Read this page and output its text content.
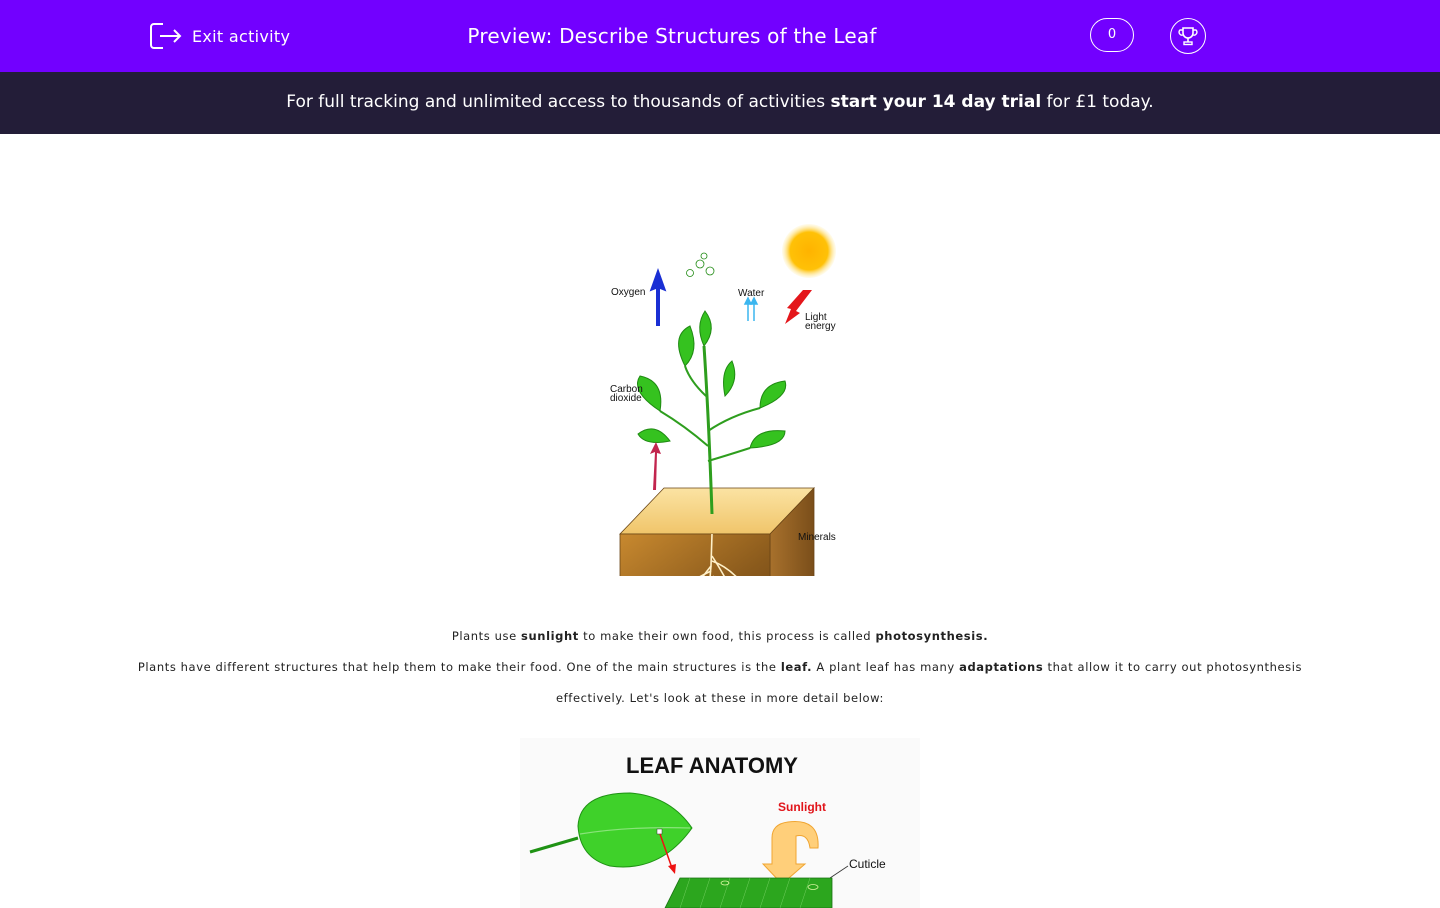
Exit activity	Preview: Describe Structures of the Leaf	0
For full tracking and unlimited access to thousands of activities start your 14 day trial for £1 today.
Oxygen	Water
Light
energy
Carbon
dioxide
Minerals
Plants use sunlight to make their own food, this process is called photosynthesis.
Plants have different structures that help them to make their food. One of the main structures is the leaf. A plant leaf has many adaptations that allow it to carry out photosynthesis
effectively. Let's look at these in more detail below:
LEAF ANATOMY
Sunlight
Cuticle
